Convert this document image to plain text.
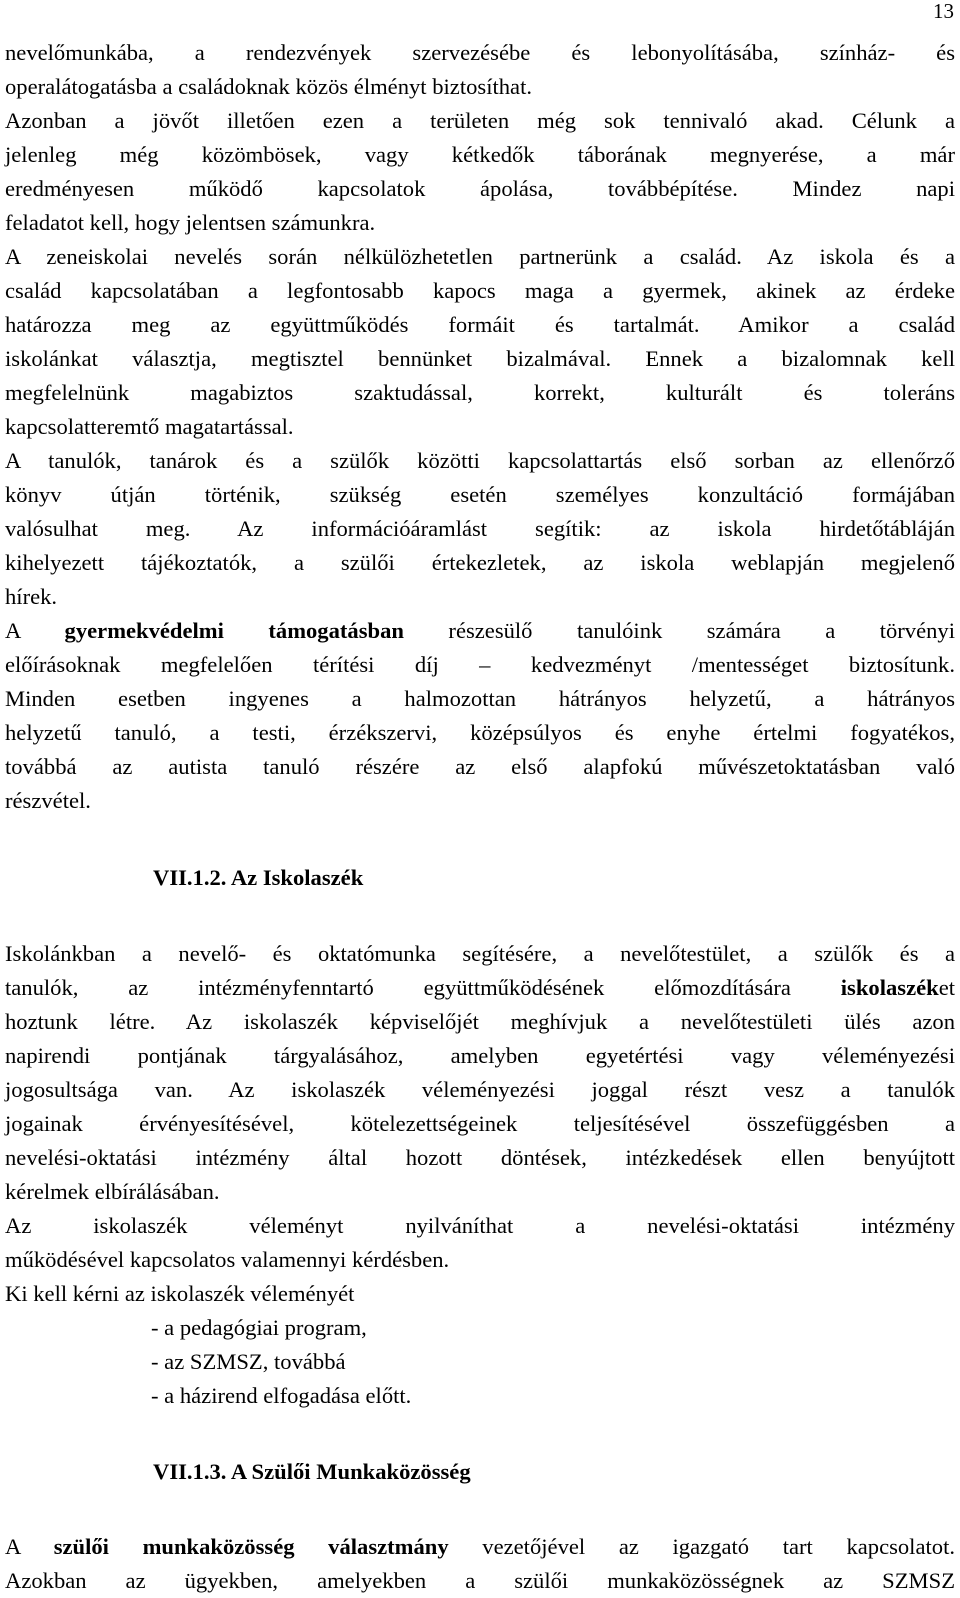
13

nevelőmunkába, a rendezvények szervezésébe és lebonyolításába, színház- és

operalátogatásba a családoknak közös élményt biztosíthat.

Azonban a jövőt illetően ezen a területen még sok tennivaló akad. Célunk a

jelenleg még közömbösek, vagy kétkedők táborának megnyerése, a már

eredményesen működő kapcsolatok ápolása, továbbépítése. Mindez napi

feladatot kell, hogy jelentsen számunkra.

A zeneiskolai nevelés során nélkülözhetetlen partnerünk a család. Az iskola és a

család kapcsolatában a legfontosabb kapocs maga a gyermek, akinek az érdeke

határozza meg az együttműködés formáit és tartalmát. Amikor a család

iskolánkat választja, megtisztel bennünket bizalmával. Ennek a bizalomnak kell

megfelelnünk magabiztos szaktudással, korrekt, kulturált és toleráns

kapcsolatteremtő magatartással.

A tanulók, tanárok és a szülők közötti kapcsolattartás első sorban az ellenőrző

könyv útján történik, szükség esetén személyes konzultáció formájában

valósulhat meg. Az információáramlást segítik: az iskola hirdetőtábláján

kihelyezett tájékoztatók, a szülői értekezletek, az iskola weblapján megjelenő

hírek.

A gyermekvédelmi támogatásban részesülő tanulóink számára a törvényi

előírásoknak megfelelően térítési díj – kedvezményt /mentességet biztosítunk.

Minden esetben ingyenes a halmozottan hátrányos helyzetű, a hátrányos

helyzetű tanuló, a testi, érzékszervi, középsúlyos és enyhe értelmi fogyatékos,

továbbá az autista tanuló részére az első alapfokú művészetoktatásban való

részvétel.

VII.1.2. Az Iskolaszék

Iskolánkban a nevelő- és oktatómunka segítésére, a nevelőtestület, a szülők és a

tanulók, az intézményfenntartó együttműködésének előmozdítására iskolaszéket

hoztunk létre. Az iskolaszék képviselőjét meghívjuk a nevelőtestületi ülés azon

napirendi pontjának tárgyalásához, amelyben egyetértési vagy véleményezési

jogosultsága van. Az iskolaszék véleményezési joggal részt vesz a tanulók

jogainak érvényesítésével, kötelezettségeinek teljesítésével összefüggésben a

nevelési-oktatási intézmény által hozott döntések, intézkedések ellen benyújtott

kérelmek elbírálásában.

Az iskolaszék véleményt nyilváníthat a nevelési-oktatási intézmény

működésével kapcsolatos valamennyi kérdésben.

Ki kell kérni az iskolaszék véleményét

- a pedagógiai program,
- az SZMSZ, továbbá
- a házirend elfogadása előtt.

VII.1.3. A Szülői Munkaközösség

A szülői munkaközösség választmány vezetőjével az igazgató tart kapcsolatot.

Azokban az ügyekben, amelyekben a szülői munkaközösségnek az SZMSZ
